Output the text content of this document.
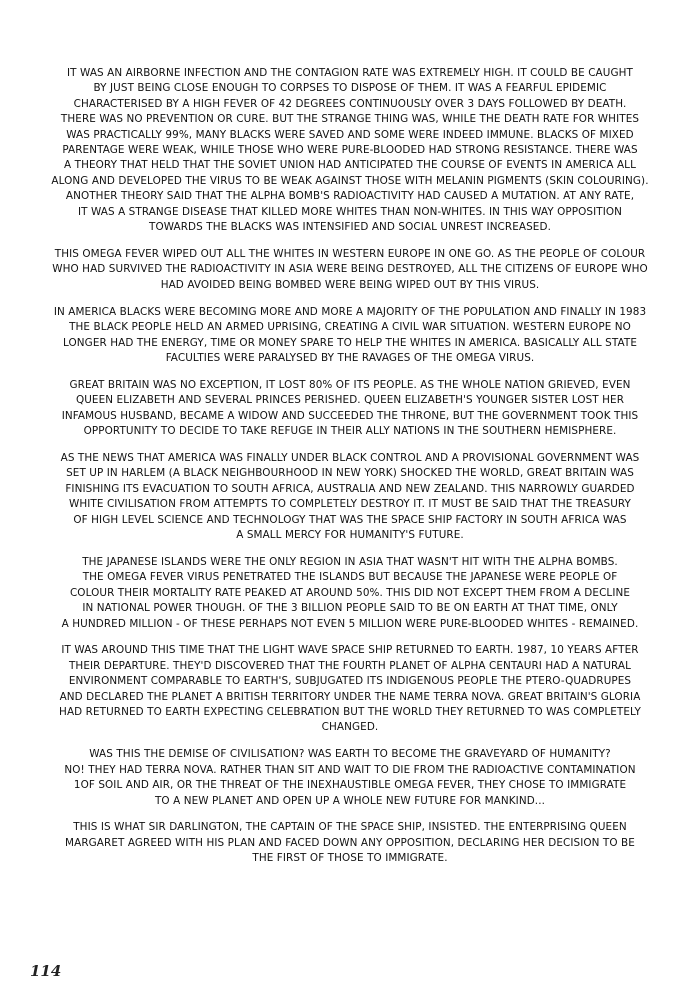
IT WAS AN AIRBORNE INFECTION AND THE CONTAGION RATE WAS EXTREMELY HIGH. IT COULD BE CAUGHT
BY JUST BEING CLOSE ENOUGH TO CORPSES TO DISPOSE OF THEM. IT WAS A FEARFUL EPIDEMIC
CHARACTERISED BY A HIGH FEVER OF 42 DEGREES CONTINUOUSLY OVER 3 DAYS FOLLOWED BY DEATH.
THERE WAS NO PREVENTION OR CURE. BUT THE STRANGE THING WAS, WHILE THE DEATH RATE FOR WHITES
WAS PRACTICALLY 99%, MANY BLACKS WERE SAVED AND SOME WERE INDEED IMMUNE. BLACKS OF MIXED
PARENTAGE WERE WEAK, WHILE THOSE WHO WERE PURE-BLOODED HAD STRONG RESISTANCE. THERE WAS
A THEORY THAT HELD THAT THE SOVIET UNION HAD ANTICIPATED THE COURSE OF EVENTS IN AMERICA ALL
ALONG AND DEVELOPED THE VIRUS TO BE WEAK AGAINST THOSE WITH MELANIN PIGMENTS (SKIN COLOURING).
ANOTHER THEORY SAID THAT THE ALPHA BOMB'S RADIOACTIVITY HAD CAUSED A MUTATION. AT ANY RATE,
IT WAS A STRANGE DISEASE THAT KILLED MORE WHITES THAN NON-WHITES. IN THIS WAY OPPOSITION
TOWARDS THE BLACKS WAS INTENSIFIED AND SOCIAL UNREST INCREASED.

THIS OMEGA FEVER WIPED OUT ALL THE WHITES IN WESTERN EUROPE IN ONE GO. AS THE PEOPLE OF COLOUR
WHO HAD SURVIVED THE RADIOACTIVITY IN ASIA WERE BEING DESTROYED, ALL THE CITIZENS OF EUROPE WHO
HAD AVOIDED BEING BOMBED WERE BEING WIPED OUT BY THIS VIRUS.

IN AMERICA BLACKS WERE BECOMING MORE AND MORE A MAJORITY OF THE POPULATION AND FINALLY IN 1983
THE BLACK PEOPLE HELD AN ARMED UPRISING, CREATING A CIVIL WAR SITUATION. WESTERN EUROPE NO
LONGER HAD THE ENERGY, TIME OR MONEY SPARE TO HELP THE WHITES IN AMERICA. BASICALLY ALL STATE
FACULTIES WERE PARALYSED BY THE RAVAGES OF THE OMEGA VIRUS.

GREAT BRITAIN WAS NO EXCEPTION, IT LOST 80% OF ITS PEOPLE. AS THE WHOLE NATION GRIEVED, EVEN
QUEEN ELIZABETH AND SEVERAL PRINCES PERISHED. QUEEN ELIZABETH'S YOUNGER SISTER LOST HER
INFAMOUS HUSBAND, BECAME A WIDOW AND SUCCEEDED THE THRONE, BUT THE GOVERNMENT TOOK THIS
OPPORTUNITY TO DECIDE TO TAKE REFUGE IN THEIR ALLY NATIONS IN THE SOUTHERN HEMISPHERE.

AS THE NEWS THAT AMERICA WAS FINALLY UNDER BLACK CONTROL AND A PROVISIONAL GOVERNMENT WAS
SET UP IN HARLEM (A BLACK NEIGHBOURHOOD IN NEW YORK) SHOCKED THE WORLD, GREAT BRITAIN WAS
FINISHING ITS EVACUATION TO SOUTH AFRICA, AUSTRALIA AND NEW ZEALAND. THIS NARROWLY GUARDED
WHITE CIVILISATION FROM ATTEMPTS TO COMPLETELY DESTROY IT. IT MUST BE SAID THAT THE TREASURY
OF HIGH LEVEL SCIENCE AND TECHNOLOGY THAT WAS THE SPACE SHIP FACTORY IN SOUTH AFRICA WAS
A SMALL MERCY FOR HUMANITY'S FUTURE.

THE JAPANESE ISLANDS WERE THE ONLY REGION IN ASIA THAT WASN'T HIT WITH THE ALPHA BOMBS.
THE OMEGA FEVER VIRUS PENETRATED THE ISLANDS BUT BECAUSE THE JAPANESE WERE PEOPLE OF
COLOUR THEIR MORTALITY RATE PEAKED AT AROUND 50%. THIS DID NOT EXCEPT THEM FROM A DECLINE
IN NATIONAL POWER THOUGH. OF THE 3 BILLION PEOPLE SAID TO BE ON EARTH AT THAT TIME, ONLY
A HUNDRED MILLION - OF THESE PERHAPS NOT EVEN 5 MILLION WERE PURE-BLOODED WHITES - REMAINED.

IT WAS AROUND THIS TIME THAT THE LIGHT WAVE SPACE SHIP RETURNED TO EARTH. 1987, 10 YEARS AFTER
THEIR DEPARTURE. THEY'D DISCOVERED THAT THE FOURTH PLANET OF ALPHA CENTAURI HAD A NATURAL
ENVIRONMENT COMPARABLE TO EARTH'S, SUBJUGATED ITS INDIGENOUS PEOPLE THE PTERO-QUADRUPES
AND DECLARED THE PLANET A BRITISH TERRITORY UNDER THE NAME TERRA NOVA. GREAT BRITAIN'S GLORIA
HAD RETURNED TO EARTH EXPECTING CELEBRATION BUT THE WORLD THEY RETURNED TO WAS COMPLETELY
CHANGED.

WAS THIS THE DEMISE OF CIVILISATION? WAS EARTH TO BECOME THE GRAVEYARD OF HUMANITY?
NO! THEY HAD TERRA NOVA. RATHER THAN SIT AND WAIT TO DIE FROM THE RADIOACTIVE CONTAMINATION
1OF SOIL AND AIR, OR THE THREAT OF THE INEXHAUSTIBLE OMEGA FEVER, THEY CHOSE TO IMMIGRATE
TO A NEW PLANET AND OPEN UP A WHOLE NEW FUTURE FOR MANKIND...

THIS IS WHAT SIR DARLINGTON, THE CAPTAIN OF THE SPACE SHIP, INSISTED. THE ENTERPRISING QUEEN
MARGARET AGREED WITH HIS PLAN AND FACED DOWN ANY OPPOSITION, DECLARING HER DECISION TO BE
THE FIRST OF THOSE TO IMMIGRATE.

114
